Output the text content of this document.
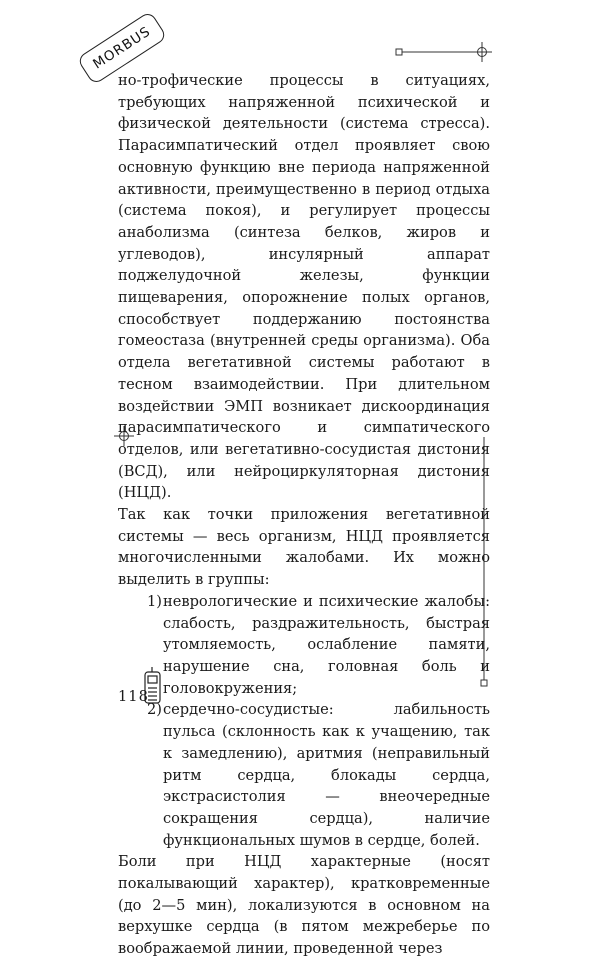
MORBUS

но-трофические процессы в ситуациях, требующих напряженной психической и физической деятельности (система стресса). Парасимпатический отдел проявляет свою основную функцию вне периода напряженной активности, преимущественно в период отдыха (система покоя), и регулирует процессы анаболизма (синтеза белков, жиров и углеводов), инсулярный аппарат поджелудочной железы, функции пищеварения, опорожнение полых органов, способствует поддержанию постоянства гомеостаза (внутренней среды организма). Оба отдела вегетативной системы работают в тесном взаимодействии. При длительном воздействии ЭМП возникает дискоординация парасимпатического и симпатического отделов, или вегетативно-сосудистая дистония (ВСД), или нейроциркуляторная дистония (НЦД).

Так как точки приложения вегетативной системы — весь организм, НЦД проявляется многочисленными жалобами. Их можно выделить в группы:

1) неврологические и психические жалобы: слабость, раздражительность, быстрая утомляемость, ослабление памяти, нарушение сна, головная боль и головокружения;
2) сердечно-сосудистые: лабильность пульса (склонность как к учащению, так к замедлению), аритмия (неправильный ритм сердца, блокады сердца, экстрасистолия — внеочередные сокращения сердца), наличие функциональных шумов в сердце, болей.

Боли при НЦД характерные (носят покалывающий характер), кратковременные (до 2—5 мин), локализуются в основном на верхушке сердца (в пятом межреберье по воображаемой линии, проведенной через

118
